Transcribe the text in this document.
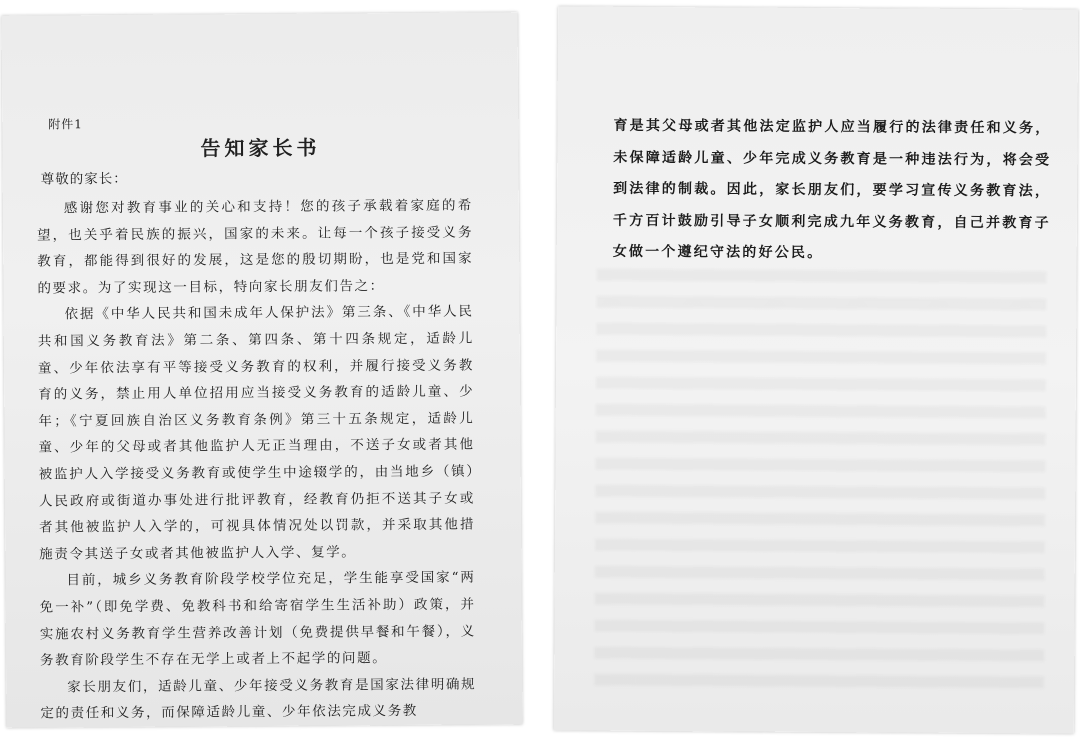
附件1
告知家长书
尊敬的家长：

感谢您对教育事业的关心和支持！您的孩子承载着家庭的希望，也关乎着民族的振兴，国家的未来。让每一个孩子接受义务教育，都能得到很好的发展，这是您的殷切期盼，也是党和国家的要求。为了实现这一目标，特向家长朋友们告之：

依据《中华人民共和国未成年人保护法》第三条、《中华人民共和国义务教育法》第二条、第四条、第十四条规定，适龄儿童、少年依法享有平等接受义务教育的权利，并履行接受义务教育的义务，禁止用人单位招用应当接受义务教育的适龄儿童、少年；《宁夏回族自治区义务教育条例》第三十五条规定，适龄儿童、少年的父母或者其他监护人无正当理由，不送子女或者其他被监护人入学接受义务教育或使学生中途辍学的，由当地乡（镇）人民政府或街道办事处进行批评教育，经教育仍拒不送其子女或者其他被监护人入学的，可视具体情况处以罚款，并采取其他措施责令其送子女或者其他被监护人入学、复学。

目前，城乡义务教育阶段学校学位充足，学生能享受国家“两免一补”（即免学费、免教科书和给寄宿学生生活补助）政策，并实施农村义务教育学生营养改善计划（免费提供早餐和午餐），义务教育阶段学生不存在无学上或者上不起学的问题。

家长朋友们，适龄儿童、少年接受义务教育是国家法律明确规定的责任和义务，而保障适龄儿童、少年依法完成义务教

育是其父母或者其他法定监护人应当履行的法律责任和义务，未保障适龄儿童、少年完成义务教育是一种违法行为，将会受到法律的制裁。因此，家长朋友们，要学习宣传义务教育法，千方百计鼓励引导子女顺利完成九年义务教育，自己并教育子女做一个遵纪守法的好公民。
